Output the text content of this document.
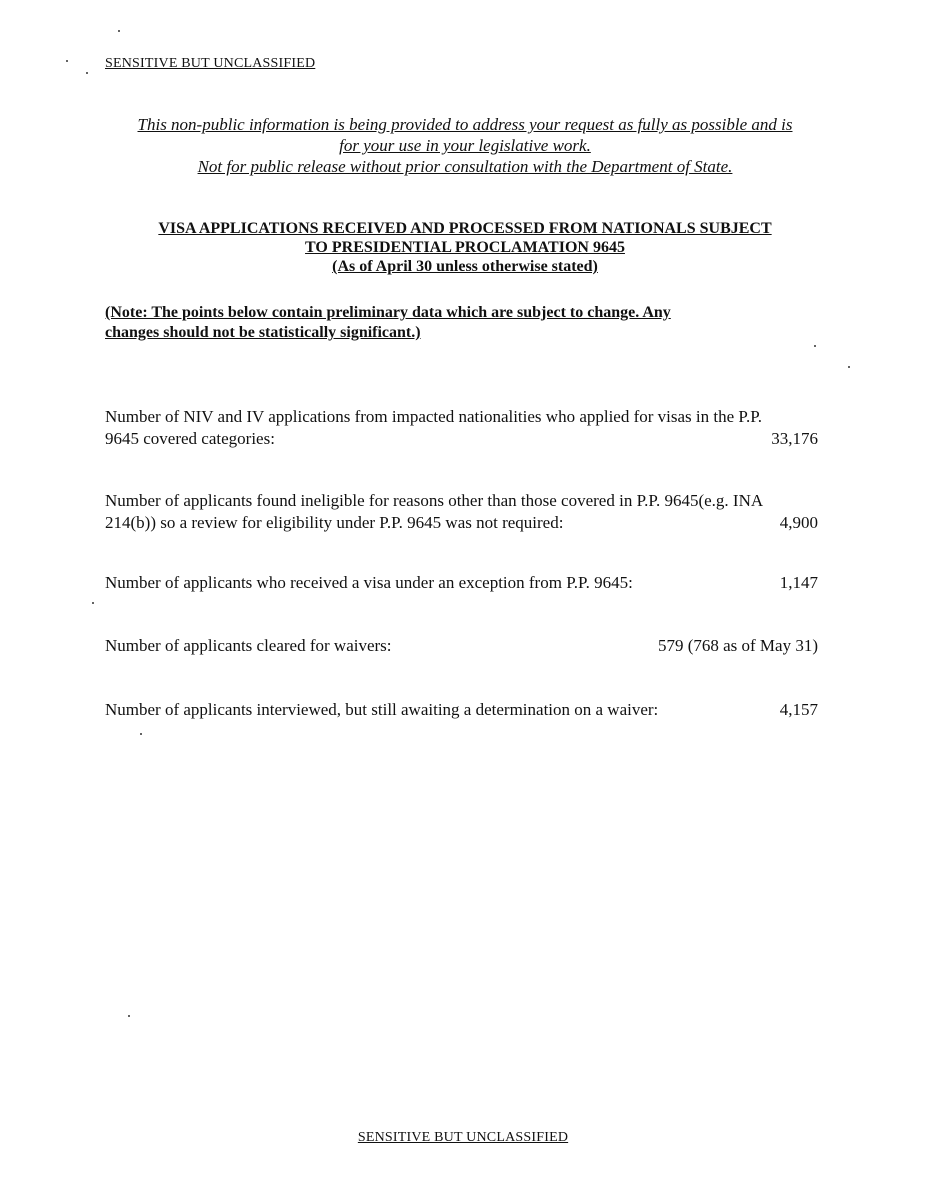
SENSITIVE BUT UNCLASSIFIED
This non-public information is being provided to address your request as fully as possible and is
for your use in your legislative work.
Not for public release without prior consultation with the Department of State.
VISA APPLICATIONS RECEIVED AND PROCESSED FROM NATIONALS SUBJECT
TO PRESIDENTIAL PROCLAMATION 9645
(As of April 30 unless otherwise stated)
(Note: The points below contain preliminary data which are subject to change. Any
changes should not be statistically significant.)
Number of NIV and IV applications from impacted nationalities who applied for visas in the P.P.
9645 covered categories:	33,176
Number of applicants found ineligible for reasons other than those covered in P.P. 9645(e.g. INA
214(b)) so a review for eligibility under P.P. 9645 was not required:	4,900
Number of applicants who received a visa under an exception from P.P. 9645:	1,147
Number of applicants cleared for waivers:	579 (768 as of May 31)
Number of applicants interviewed, but still awaiting a determination on a waiver:	4,157
SENSITIVE BUT UNCLASSIFIED
